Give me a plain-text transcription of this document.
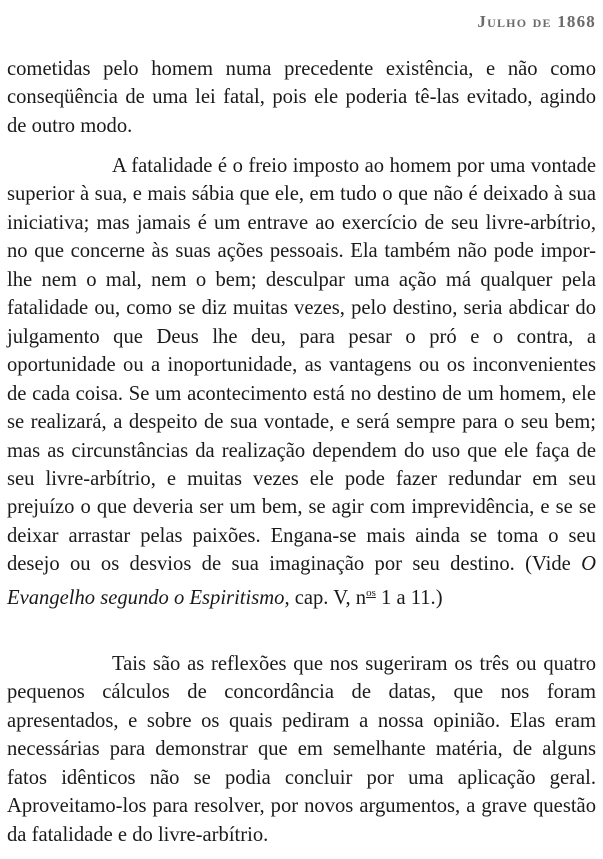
Julho de 1868

cometidas pelo homem numa precedente existência, e não como conseqüência de uma lei fatal, pois ele poderia tê-las evitado, agindo de outro modo.

A fatalidade é o freio imposto ao homem por uma vontade superior à sua, e mais sábia que ele, em tudo o que não é deixado à sua iniciativa; mas jamais é um entrave ao exercício de seu livre-arbítrio, no que concerne às suas ações pessoais. Ela também não pode impor-lhe nem o mal, nem o bem; desculpar uma ação má qualquer pela fatalidade ou, como se diz muitas vezes, pelo destino, seria abdicar do julgamento que Deus lhe deu, para pesar o pró e o contra, a oportunidade ou a inoportunidade, as vantagens ou os inconvenientes de cada coisa. Se um acontecimento está no destino de um homem, ele se realizará, a despeito de sua vontade, e será sempre para o seu bem; mas as circunstâncias da realização dependem do uso que ele faça de seu livre-arbítrio, e muitas vezes ele pode fazer redundar em seu prejuízo o que deveria ser um bem, se agir com imprevidência, e se se deixar arrastar pelas paixões. Engana-se mais ainda se toma o seu desejo ou os desvios de sua imaginação por seu destino. (Vide O Evangelho segundo o Espiritismo, cap. V, $n^{os}$ 1 a 11.)

Tais são as reflexões que nos sugeriram os três ou quatro pequenos cálculos de concordância de datas, que nos foram apresentados, e sobre os quais pediram a nossa opinião. Elas eram necessárias para demonstrar que em semelhante matéria, de alguns fatos idênticos não se podia concluir por uma aplicação geral. Aproveitamo-los para resolver, por novos argumentos, a grave questão da fatalidade e do livre-arbítrio.
